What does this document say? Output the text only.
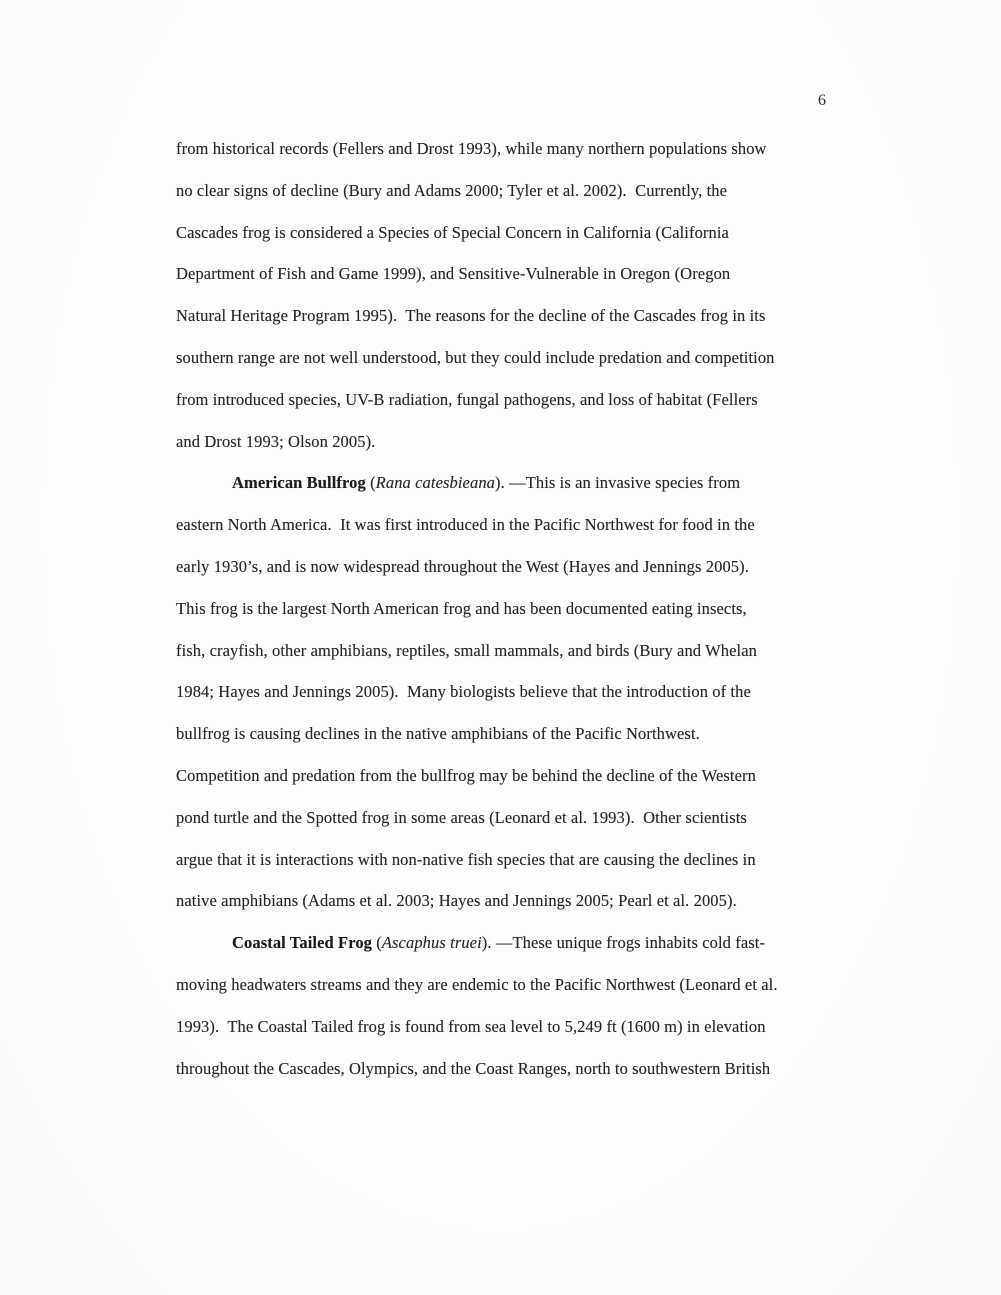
6
from historical records (Fellers and Drost 1993), while many northern populations show
no clear signs of decline (Bury and Adams 2000; Tyler et al. 2002).  Currently, the
Cascades frog is considered a Species of Special Concern in California (California
Department of Fish and Game 1999), and Sensitive-Vulnerable in Oregon (Oregon
Natural Heritage Program 1995).  The reasons for the decline of the Cascades frog in its
southern range are not well understood, but they could include predation and competition
from introduced species, UV-B radiation, fungal pathogens, and loss of habitat (Fellers
and Drost 1993; Olson 2005).
American Bullfrog (Rana catesbieana). —This is an invasive species from
eastern North America.  It was first introduced in the Pacific Northwest for food in the
early 1930’s, and is now widespread throughout the West (Hayes and Jennings 2005).
This frog is the largest North American frog and has been documented eating insects,
fish, crayfish, other amphibians, reptiles, small mammals, and birds (Bury and Whelan
1984; Hayes and Jennings 2005).  Many biologists believe that the introduction of the
bullfrog is causing declines in the native amphibians of the Pacific Northwest.
Competition and predation from the bullfrog may be behind the decline of the Western
pond turtle and the Spotted frog in some areas (Leonard et al. 1993).  Other scientists
argue that it is interactions with non-native fish species that are causing the declines in
native amphibians (Adams et al. 2003; Hayes and Jennings 2005; Pearl et al. 2005).
Coastal Tailed Frog (Ascaphus truei). —These unique frogs inhabits cold fast-
moving headwaters streams and they are endemic to the Pacific Northwest (Leonard et al.
1993).  The Coastal Tailed frog is found from sea level to 5,249 ft (1600 m) in elevation
throughout the Cascades, Olympics, and the Coast Ranges, north to southwestern British
